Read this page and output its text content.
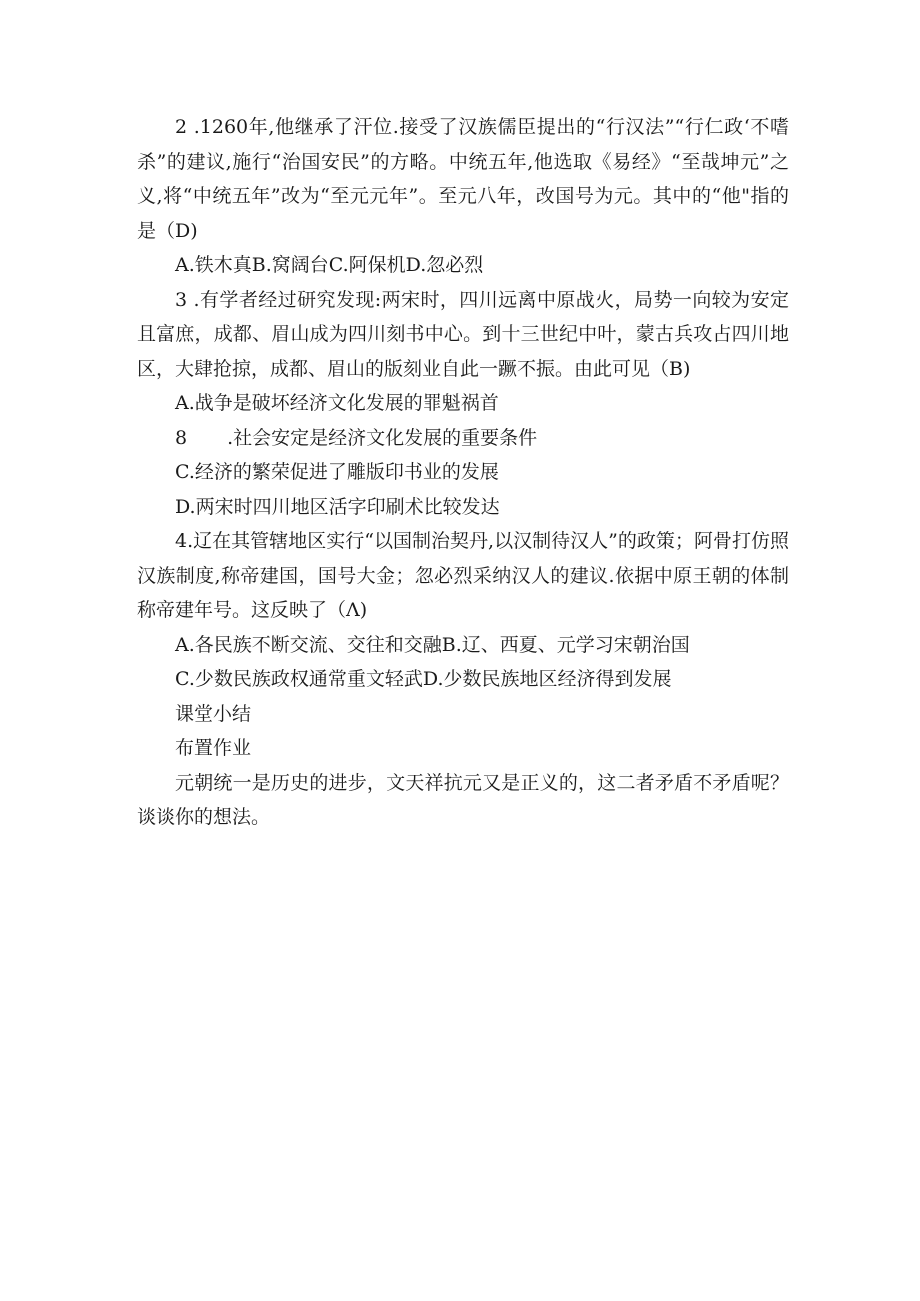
2 .1260年,他继承了汗位.接受了汉族儒臣提出的“行汉法”“行仁政‘不嗜杀”的建议,施行“治国安民”的方略。中统五年,他选取《易经》“至哉坤元”之义,将“中统五年”改为“至元元年”。至元八年，改国号为元。其中的“他"指的是（D)

A.铁木真B.窝阔台C.阿保机D.忽必烈

3 .有学者经过研究发现:两宋时，四川远离中原战火，局势一向较为安定且富庶，成都、眉山成为四川刻书中心。到十三世纪中叶，蒙古兵攻占四川地区，大肆抢掠，成都、眉山的版刻业自此一蹶不振。由此可见（B)

A.战争是破坏经济文化发展的罪魁祸首

8 .社会安定是经济文化发展的重要条件

C.经济的繁荣促进了雕版印书业的发展

D.两宋时四川地区活字印刷术比较发达

4.辽在其管辖地区实行“以国制治契丹,以汉制待汉人”的政策；阿骨打仿照汉族制度,称帝建国，国号大金；忽必烈采纳汉人的建议.依据中原王朝的体制称帝建年号。这反映了（Λ)

A.各民族不断交流、交往和交融B.辽、西夏、元学习宋朝治国

C.少数民族政权通常重文轻武D.少数民族地区经济得到发展

课堂小结

布置作业

元朝统一是历史的进步，文天祥抗元又是正义的，这二者矛盾不矛盾呢？谈谈你的想法。
